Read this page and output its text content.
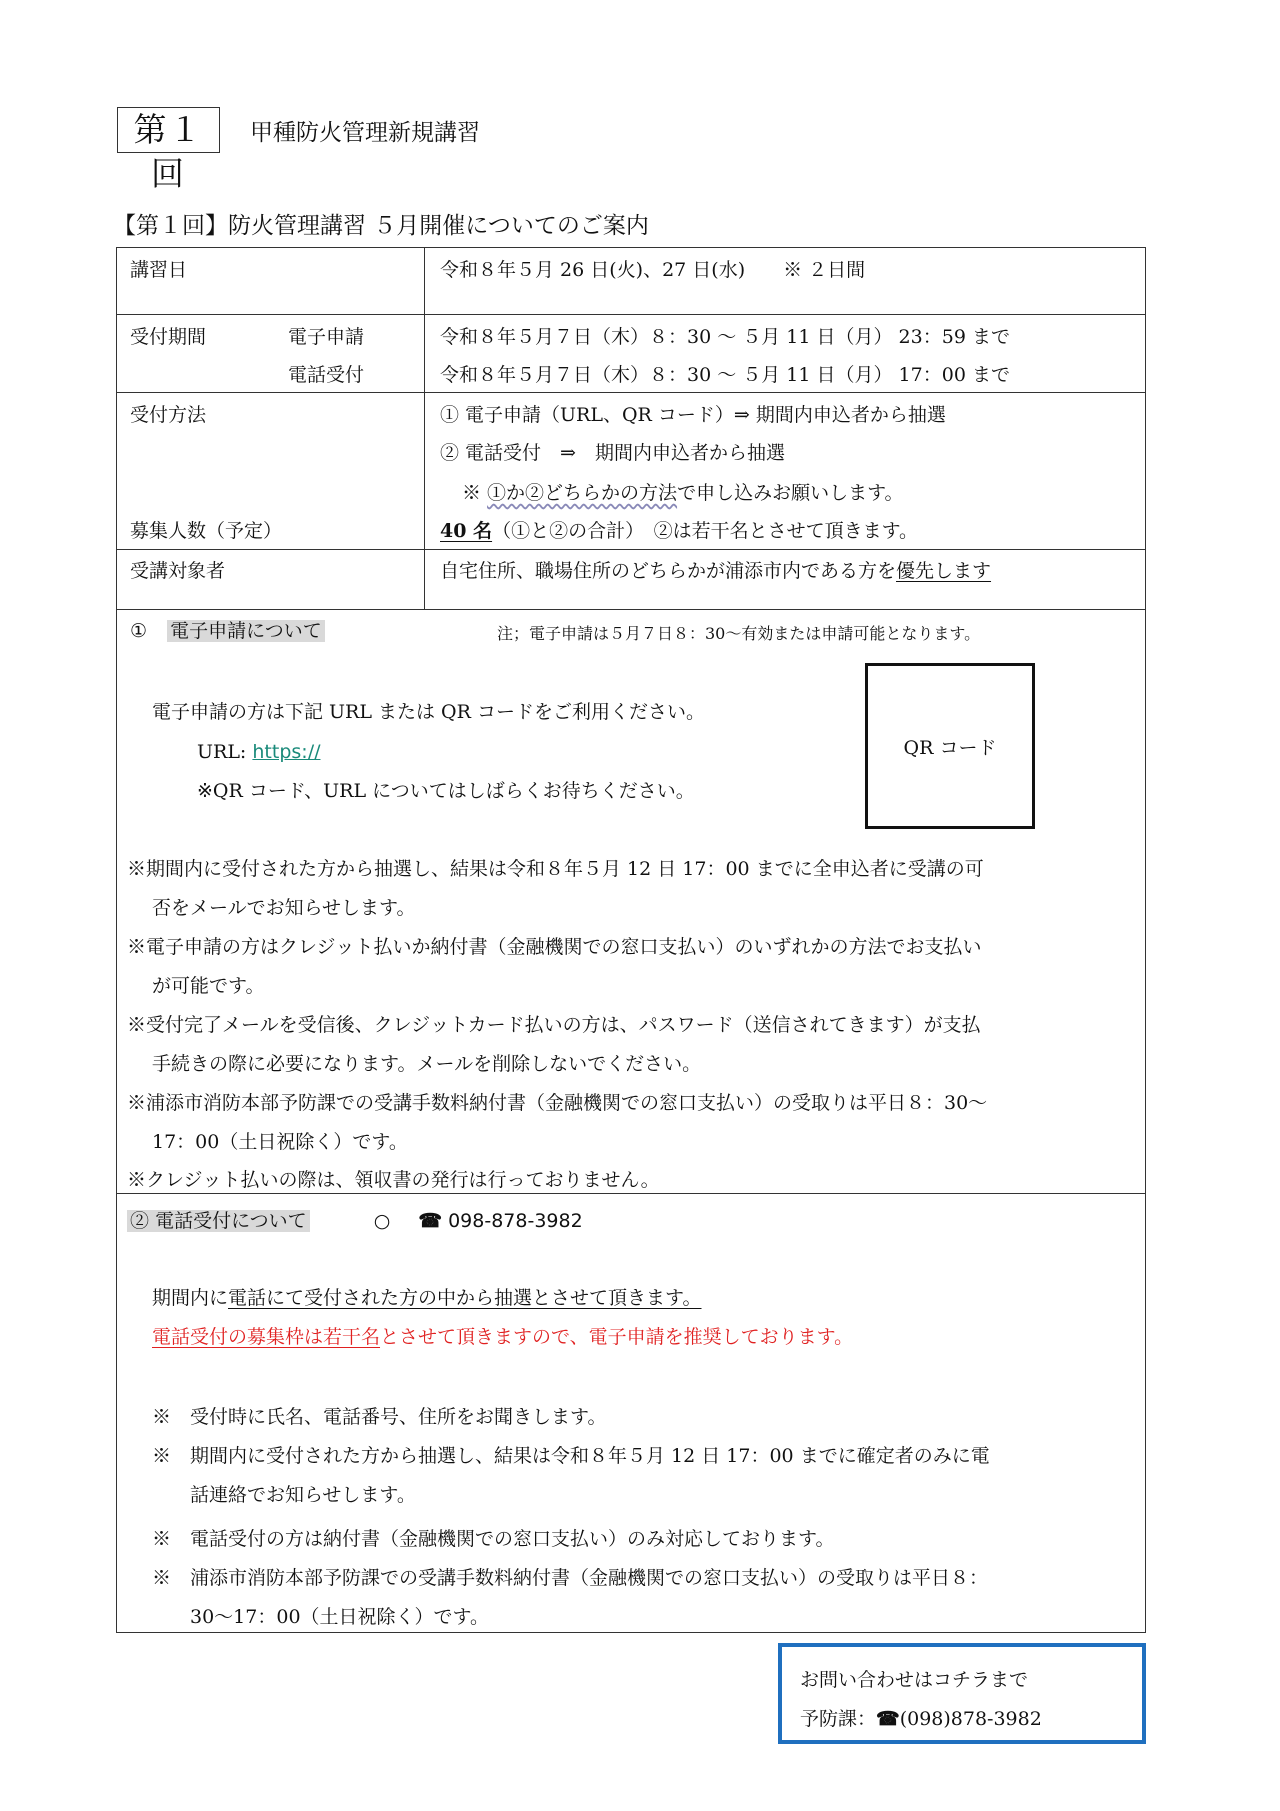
第１回
甲種防火管理新規講習
【第１回】防火管理講習 ５月開催についてのご案内
講習日	令和８年５月 26 日(火)、27 日(水)　　※ ２日間
受付期間	電子申請	令和８年５月７日（木）８：30 〜 ５月 11 日（月） 23：59 まで
電話受付	令和８年５月７日（木）８：30 〜 ５月 11 日（月） 17：00 まで
受付方法	① 電子申請（URL、QR コード）⇒ 期間内申込者から抽選
② 電話受付　⇒　期間内申込者から抽選
※ ①か②どちらかの方法で申し込みお願いします。
募集人数（予定）	40 名（①と②の合計）　②は若干名とさせて頂きます。
受講対象者	自宅住所、職場住所のどちらかが浦添市内である方を優先します
① 電子申請について	注；電子申請は５月７日８：30〜有効または申請可能となります。
電子申請の方は下記 URL または QR コードをご利用ください。
URL: https://
※QR コード、URL についてはしばらくお待ちください。
QR コード
※期間内に受付された方から抽選し、結果は令和８年５月 12 日 17：00 までに全申込者に受講の可
否をメールでお知らせします。
※電子申請の方はクレジット払いか納付書（金融機関での窓口支払い）のいずれかの方法でお支払い
が可能です。
※受付完了メールを受信後、クレジットカード払いの方は、パスワード（送信されてきます）が支払
手続きの際に必要になります。メールを削除しないでください。
※浦添市消防本部予防課での受講手数料納付書（金融機関での窓口支払い）の受取りは平日８：30〜
17：00（土日祝除く）です。
※クレジット払いの際は、領収書の発行は行っておりません。
② 電話受付について	○ ☎ 098-878-3982
期間内に電話にて受付された方の中から抽選とさせて頂きます。
電話受付の募集枠は若干名とさせて頂きますので、電子申請を推奨しております。
※　受付時に氏名、電話番号、住所をお聞きします。
※　期間内に受付された方から抽選し、結果は令和８年５月 12 日 17：00 までに確定者のみに電
　　話連絡でお知らせします。
※　電話受付の方は納付書（金融機関での窓口支払い）のみ対応しております。
※　浦添市消防本部予防課での受講手数料納付書（金融機関での窓口支払い）の受取りは平日８：
　　30〜17：00（土日祝除く）です。
お問い合わせはコチラまで
予防課：☎(098)878-3982
